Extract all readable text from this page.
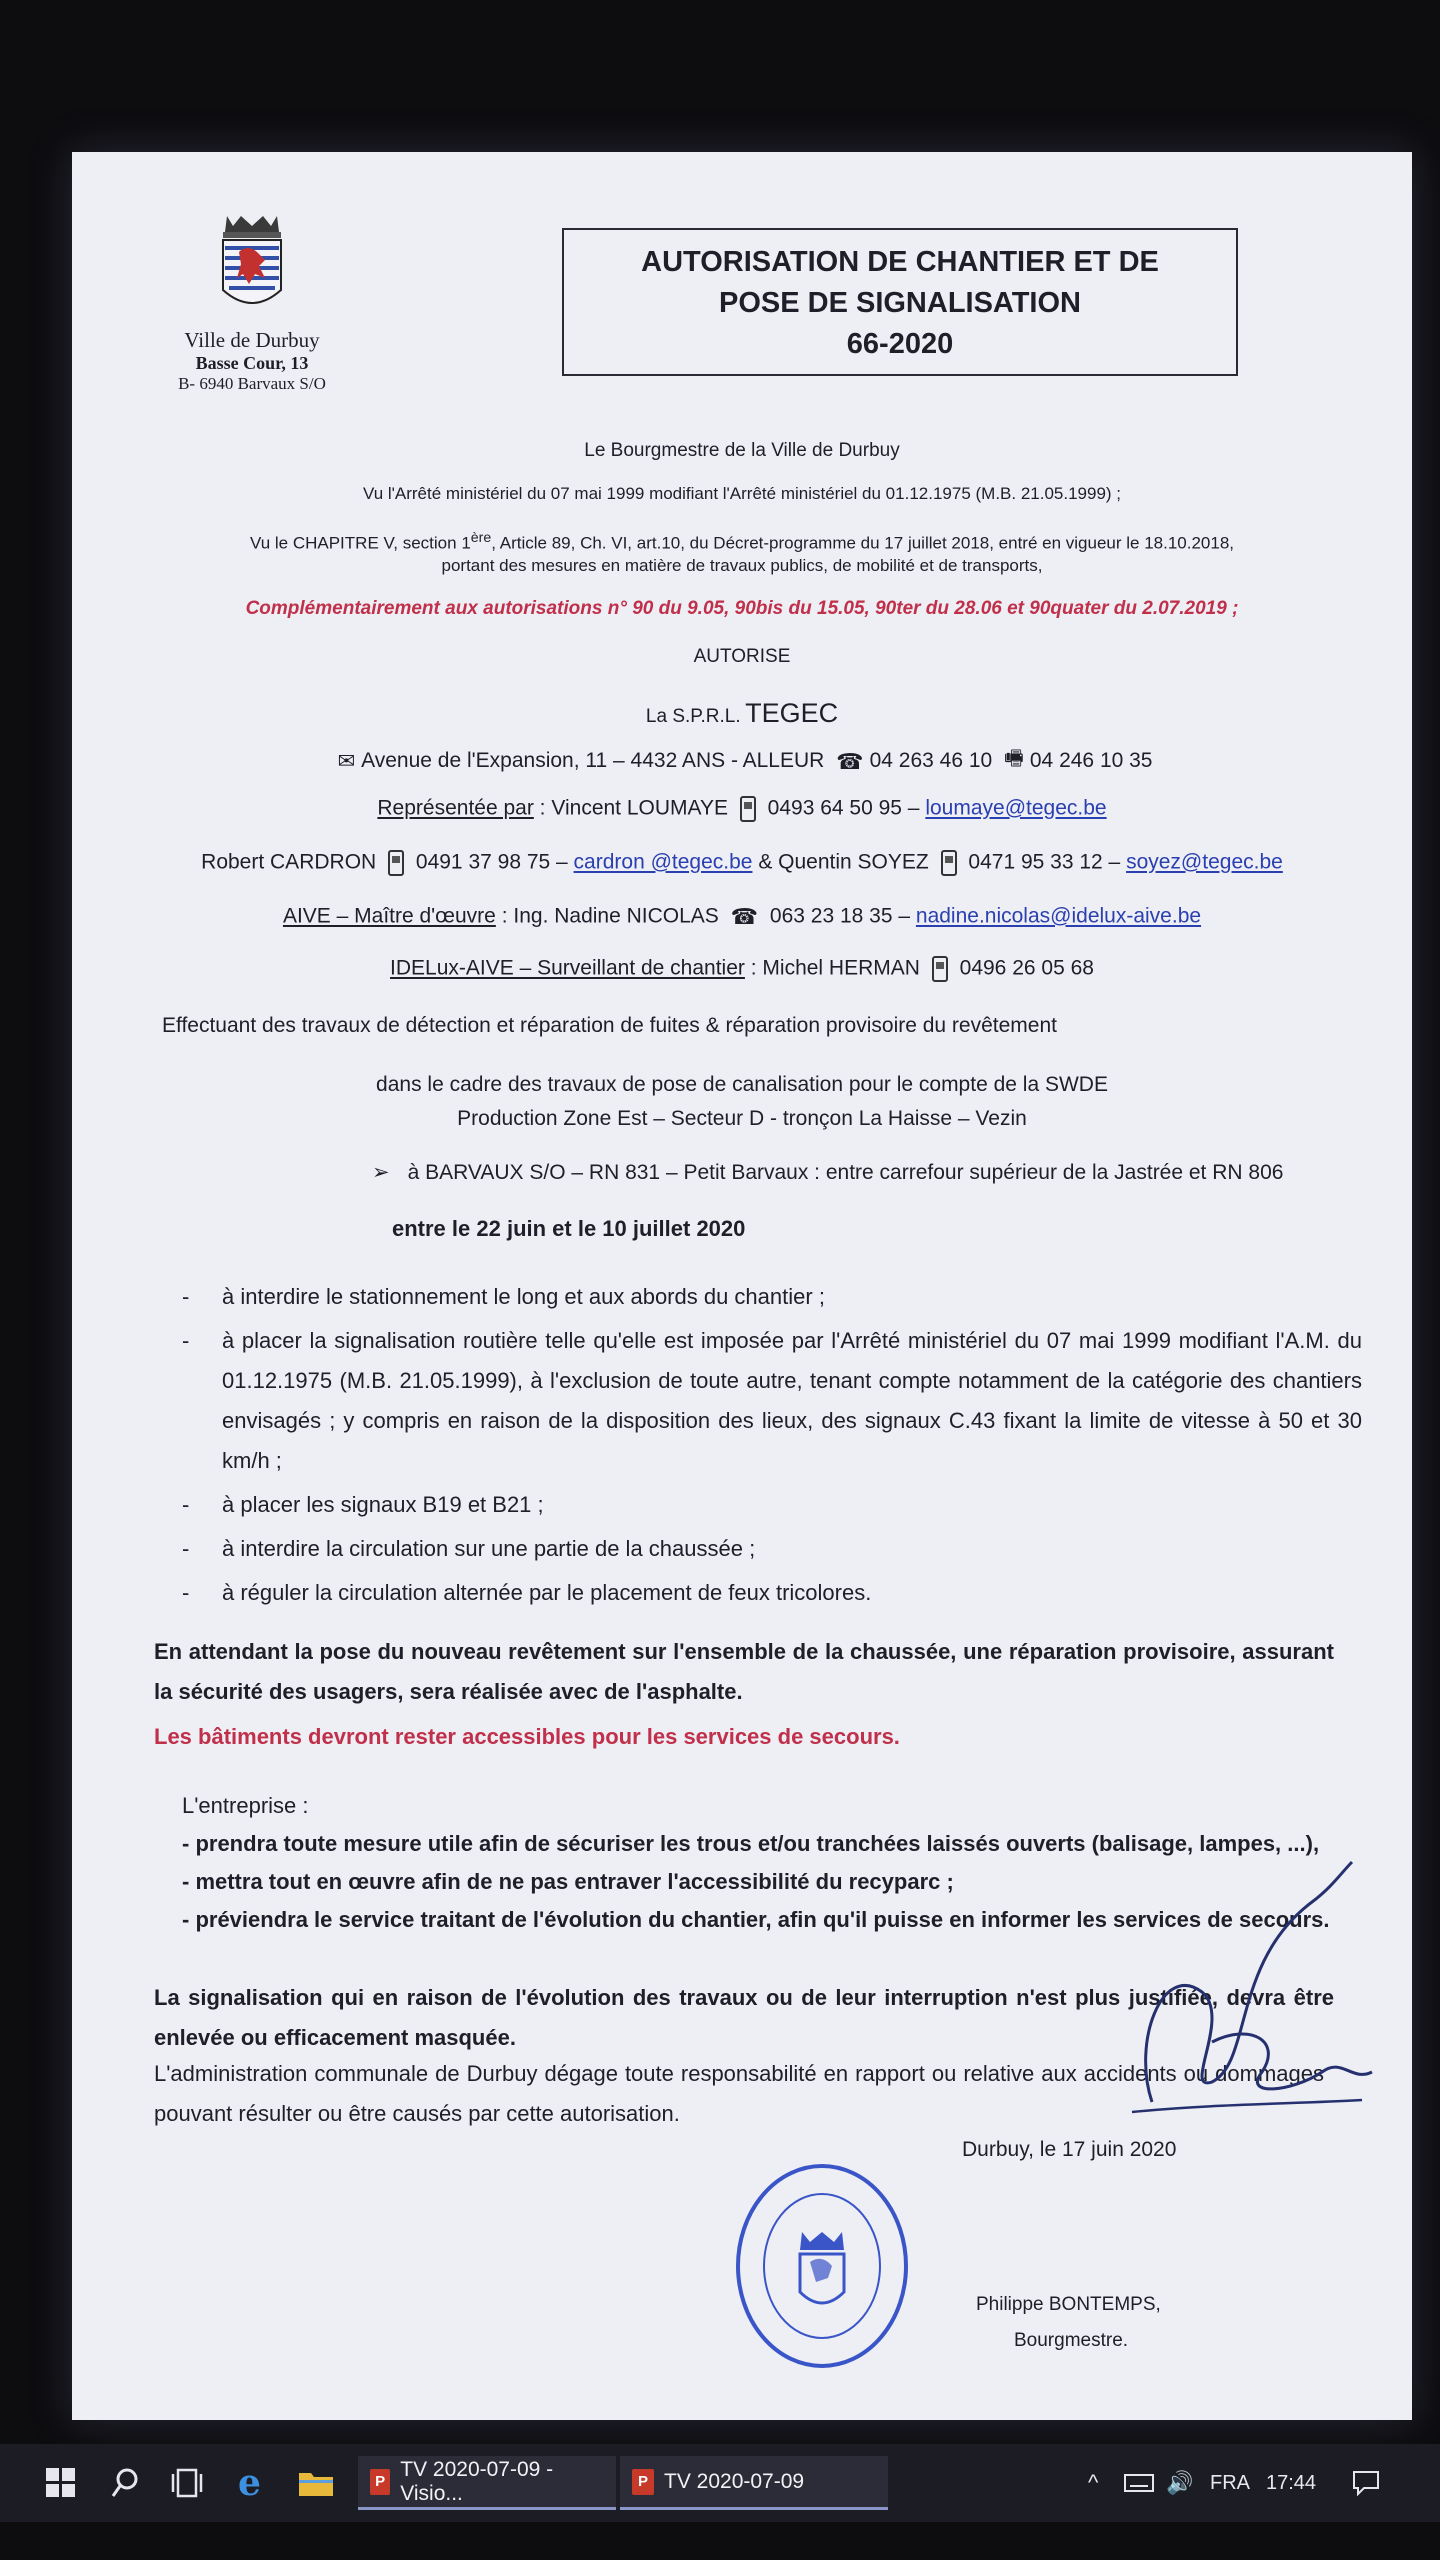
Ville de Durbuy
Basse Cour, 13
B- 6940 Barvaux S/O
AUTORISATION DE CHANTIER ET DE
POSE DE SIGNALISATION
66-2020
Le Bourgmestre de la Ville de Durbuy
Vu l'Arrêté ministériel du 07 mai 1999 modifiant l'Arrêté ministériel du 01.12.1975 (M.B. 21.05.1999) ;
Vu le CHAPITRE V, section 1ère, Article 89, Ch. VI, art.10, du Décret-programme du 17 juillet 2018, entré en vigueur le 18.10.2018,
portant des mesures en matière de travaux publics, de mobilité et de transports,
Complémentairement aux autorisations n° 90 du 9.05, 90bis du 15.05, 90ter du 28.06 et 90quater du 2.07.2019 ;
AUTORISE
La S.P.R.L. TEGEC
✉ Avenue de l'Expansion, 11 – 4432 ANS - ALLEUR ☎ 04 263 46 10 🖷 04 246 10 35
Représentée par : Vincent LOUMAYE 0493 64 50 95 – loumaye@tegec.be
Robert CARDRON 0491 37 98 75 – cardron @tegec.be & Quentin SOYEZ 0471 95 33 12 – soyez@tegec.be
AIVE – Maître d'œuvre : Ing. Nadine NICOLAS ☎ 063 23 18 35 – nadine.nicolas@idelux-aive.be
IDELux-AIVE – Surveillant de chantier : Michel HERMAN 0496 26 05 68
Effectuant des travaux de détection et réparation de fuites & réparation provisoire du revêtement
dans le cadre des travaux de pose de canalisation pour le compte de la SWDE
Production Zone Est – Secteur D - tronçon La Haisse – Vezin
➢ à BARVAUX S/O – RN 831 – Petit Barvaux : entre carrefour supérieur de la Jastrée et RN 806
entre le 22 juin et le 10 juillet 2020
- à interdire le stationnement le long et aux abords du chantier ;
- à placer la signalisation routière telle qu'elle est imposée par l'Arrêté ministériel du 07 mai 1999 modifiant l'A.M. du 01.12.1975 (M.B. 21.05.1999), à l'exclusion de toute autre, tenant compte notamment de la catégorie des chantiers envisagés ; y compris en raison de la disposition des lieux, des signaux C.43 fixant la limite de vitesse à 50 et 30 km/h ;
- à placer les signaux B19 et B21 ;
- à interdire la circulation sur une partie de la chaussée ;
- à réguler la circulation alternée par le placement de feux tricolores.
En attendant la pose du nouveau revêtement sur l'ensemble de la chaussée, une réparation provisoire, assurant la sécurité des usagers, sera réalisée avec de l'asphalte.
Les bâtiments devront rester accessibles pour les services de secours.
L'entreprise :
- prendra toute mesure utile afin de sécuriser les trous et/ou tranchées laissés ouverts (balisage, lampes, ...),
- mettra tout en œuvre afin de ne pas entraver l'accessibilité du recyparc ;
- préviendra le service traitant de l'évolution du chantier, afin qu'il puisse en informer les services de secours.
La signalisation qui en raison de l'évolution des travaux ou de leur interruption n'est plus justifiée, devra être enlevée ou efficacement masquée.
L'administration communale de Durbuy dégage toute responsabilité en rapport ou relative aux accidents ou dommages pouvant résulter ou être causés par cette autorisation.
Durbuy, le 17 juin 2020
Philippe BONTEMPS,
Bourgmestre.
e	P
TV 2020-07-09 - Visio...	P TV 2020-07-09	^	🔊 FRA 17:44
